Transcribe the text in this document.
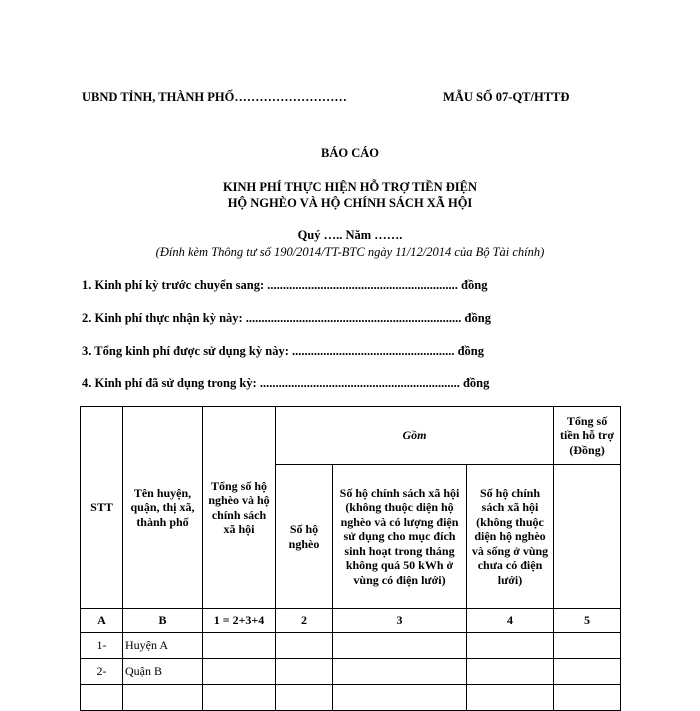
UBND TỈNH, THÀNH PHỐ………………………	MẪU SỐ 07-QT/HTTĐ
BÁO CÁO
KINH PHÍ THỰC HIỆN HỖ TRỢ TIỀN ĐIỆN
HỘ NGHÈO VÀ HỘ CHÍNH SÁCH XÃ HỘI
Quý ….. Năm …….
(Đính kèm Thông tư số 190/2014/TT-BTC ngày 11/12/2014 của Bộ Tài chính)
1. Kinh phí kỳ trước chuyển sang: ............................................................. đồng
2. Kinh phí thực nhận kỳ này: ..................................................................... đồng
3. Tổng kinh phí được sử dụng kỳ này: .................................................... đồng
4. Kinh phí đã sử dụng trong kỳ: ................................................................ đồng
STT	Tên huyện, quận, thị xã, thành phố	Tổng số hộ nghèo và hộ chính sách xã hội	Gồm			Tổng số tiền hỗ trợ (Đồng)
			Số hộ nghèo	Số hộ chính sách xã hội (không thuộc diện hộ nghèo và có lượng điện sử dụng cho mục đích sinh hoạt trong tháng không quá 50 kWh ở vùng có điện lưới)	Số hộ chính sách xã hội (không thuộc diện hộ nghèo và sống ở vùng chưa có điện lưới)	
A	B	1 = 2+3+4	2	3	4	5
1-	Huyện A					
2-	Quận B					
